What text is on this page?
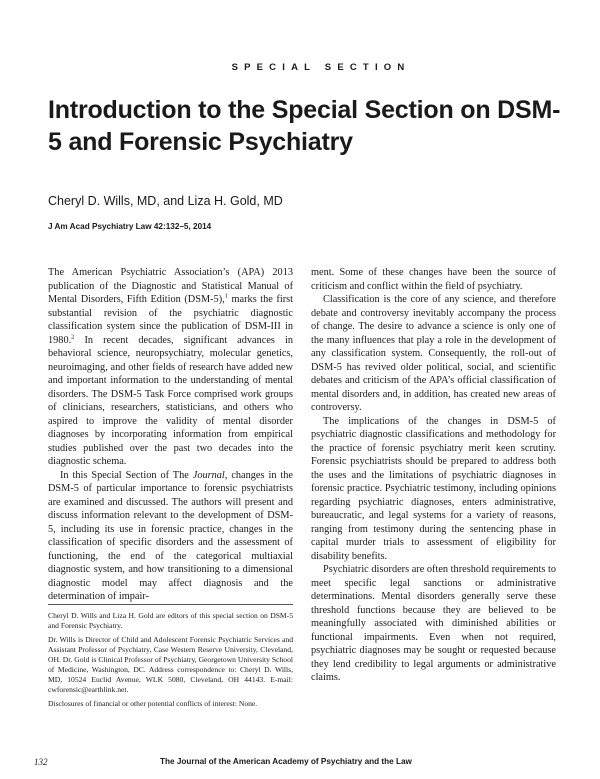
SPECIAL SECTION
Introduction to the Special Section on DSM-5 and Forensic Psychiatry

Cheryl D. Wills, MD, and Liza H. Gold, MD

J Am Acad Psychiatry Law 42:132–5, 2014

The American Psychiatric Association’s (APA) 2013 publication of the Diagnostic and Statistical Manual of Mental Disorders, Fifth Edition (DSM-5),$^1$ marks the first substantial revision of the psychiatric diagnostic classification system since the publication of DSM-III in 1980.$^2$ In recent decades, significant advances in behavioral science, neuropsychiatry, molecular genetics, neuroimaging, and other fields of research have added new and important information to the understanding of mental disorders. The DSM-5 Task Force comprised work groups of clinicians, researchers, statisticians, and others who aspired to improve the validity of mental disorder diagnoses by incorporating information from empirical studies published over the past two decades into the diagnostic schema.

In this Special Section of The Journal, changes in the DSM-5 of particular importance to forensic psychiatrists are examined and discussed. The authors will present and discuss information relevant to the development of DSM-5, including its use in forensic practice, changes in the classification of specific disorders and the assessment of functioning, the end of the categorical multiaxial diagnostic system, and how transitioning to a dimensional diagnostic model may affect diagnosis and the determination of impair-

Cheryl D. Wills and Liza H. Gold are editors of this special section on DSM-5 and Forensic Psychiatry.

Dr. Wills is Director of Child and Adolescent Forensic Psychiatric Services and Assistant Professor of Psychiatry, Case Western Reserve University, Cleveland, OH. Dr. Gold is Clinical Professor of Psychiatry, Georgetown University School of Medicine, Washington, DC. Address correspondence to: Cheryl D. Wills, MD, 10524 Euclid Avenue, WLK 5080, Cleveland, OH 44143. E-mail: cwforensic@earthlink.net.

Disclosures of financial or other potential conflicts of interest: None.

ment. Some of these changes have been the source of criticism and conflict within the field of psychiatry.

Classification is the core of any science, and therefore debate and controversy inevitably accompany the process of change. The desire to advance a science is only one of the many influences that play a role in the development of any classification system. Consequently, the roll-out of DSM-5 has revived older political, social, and scientific debates and criticism of the APA’s official classification of mental disorders and, in addition, has created new areas of controversy.

The implications of the changes in DSM-5 of psychiatric diagnostic classifications and methodology for the practice of forensic psychiatry merit keen scrutiny. Forensic psychiatrists should be prepared to address both the uses and the limitations of psychiatric diagnoses in forensic practice. Psychiatric testimony, including opinions regarding psychiatric diagnoses, enters administrative, bureaucratic, and legal systems for a variety of reasons, ranging from testimony during the sentencing phase in capital murder trials to assessment of eligibility for disability benefits.

Psychiatric disorders are often threshold requirements to meet specific legal sanctions or administrative determinations. Mental disorders generally serve these threshold functions because they are believed to be meaningfully associated with diminished abilities or functional impairments. Even when not required, psychiatric diagnoses may be sought or requested because they lend credibility to legal arguments or administrative claims.

132	The Journal of the American Academy of Psychiatry and the Law
